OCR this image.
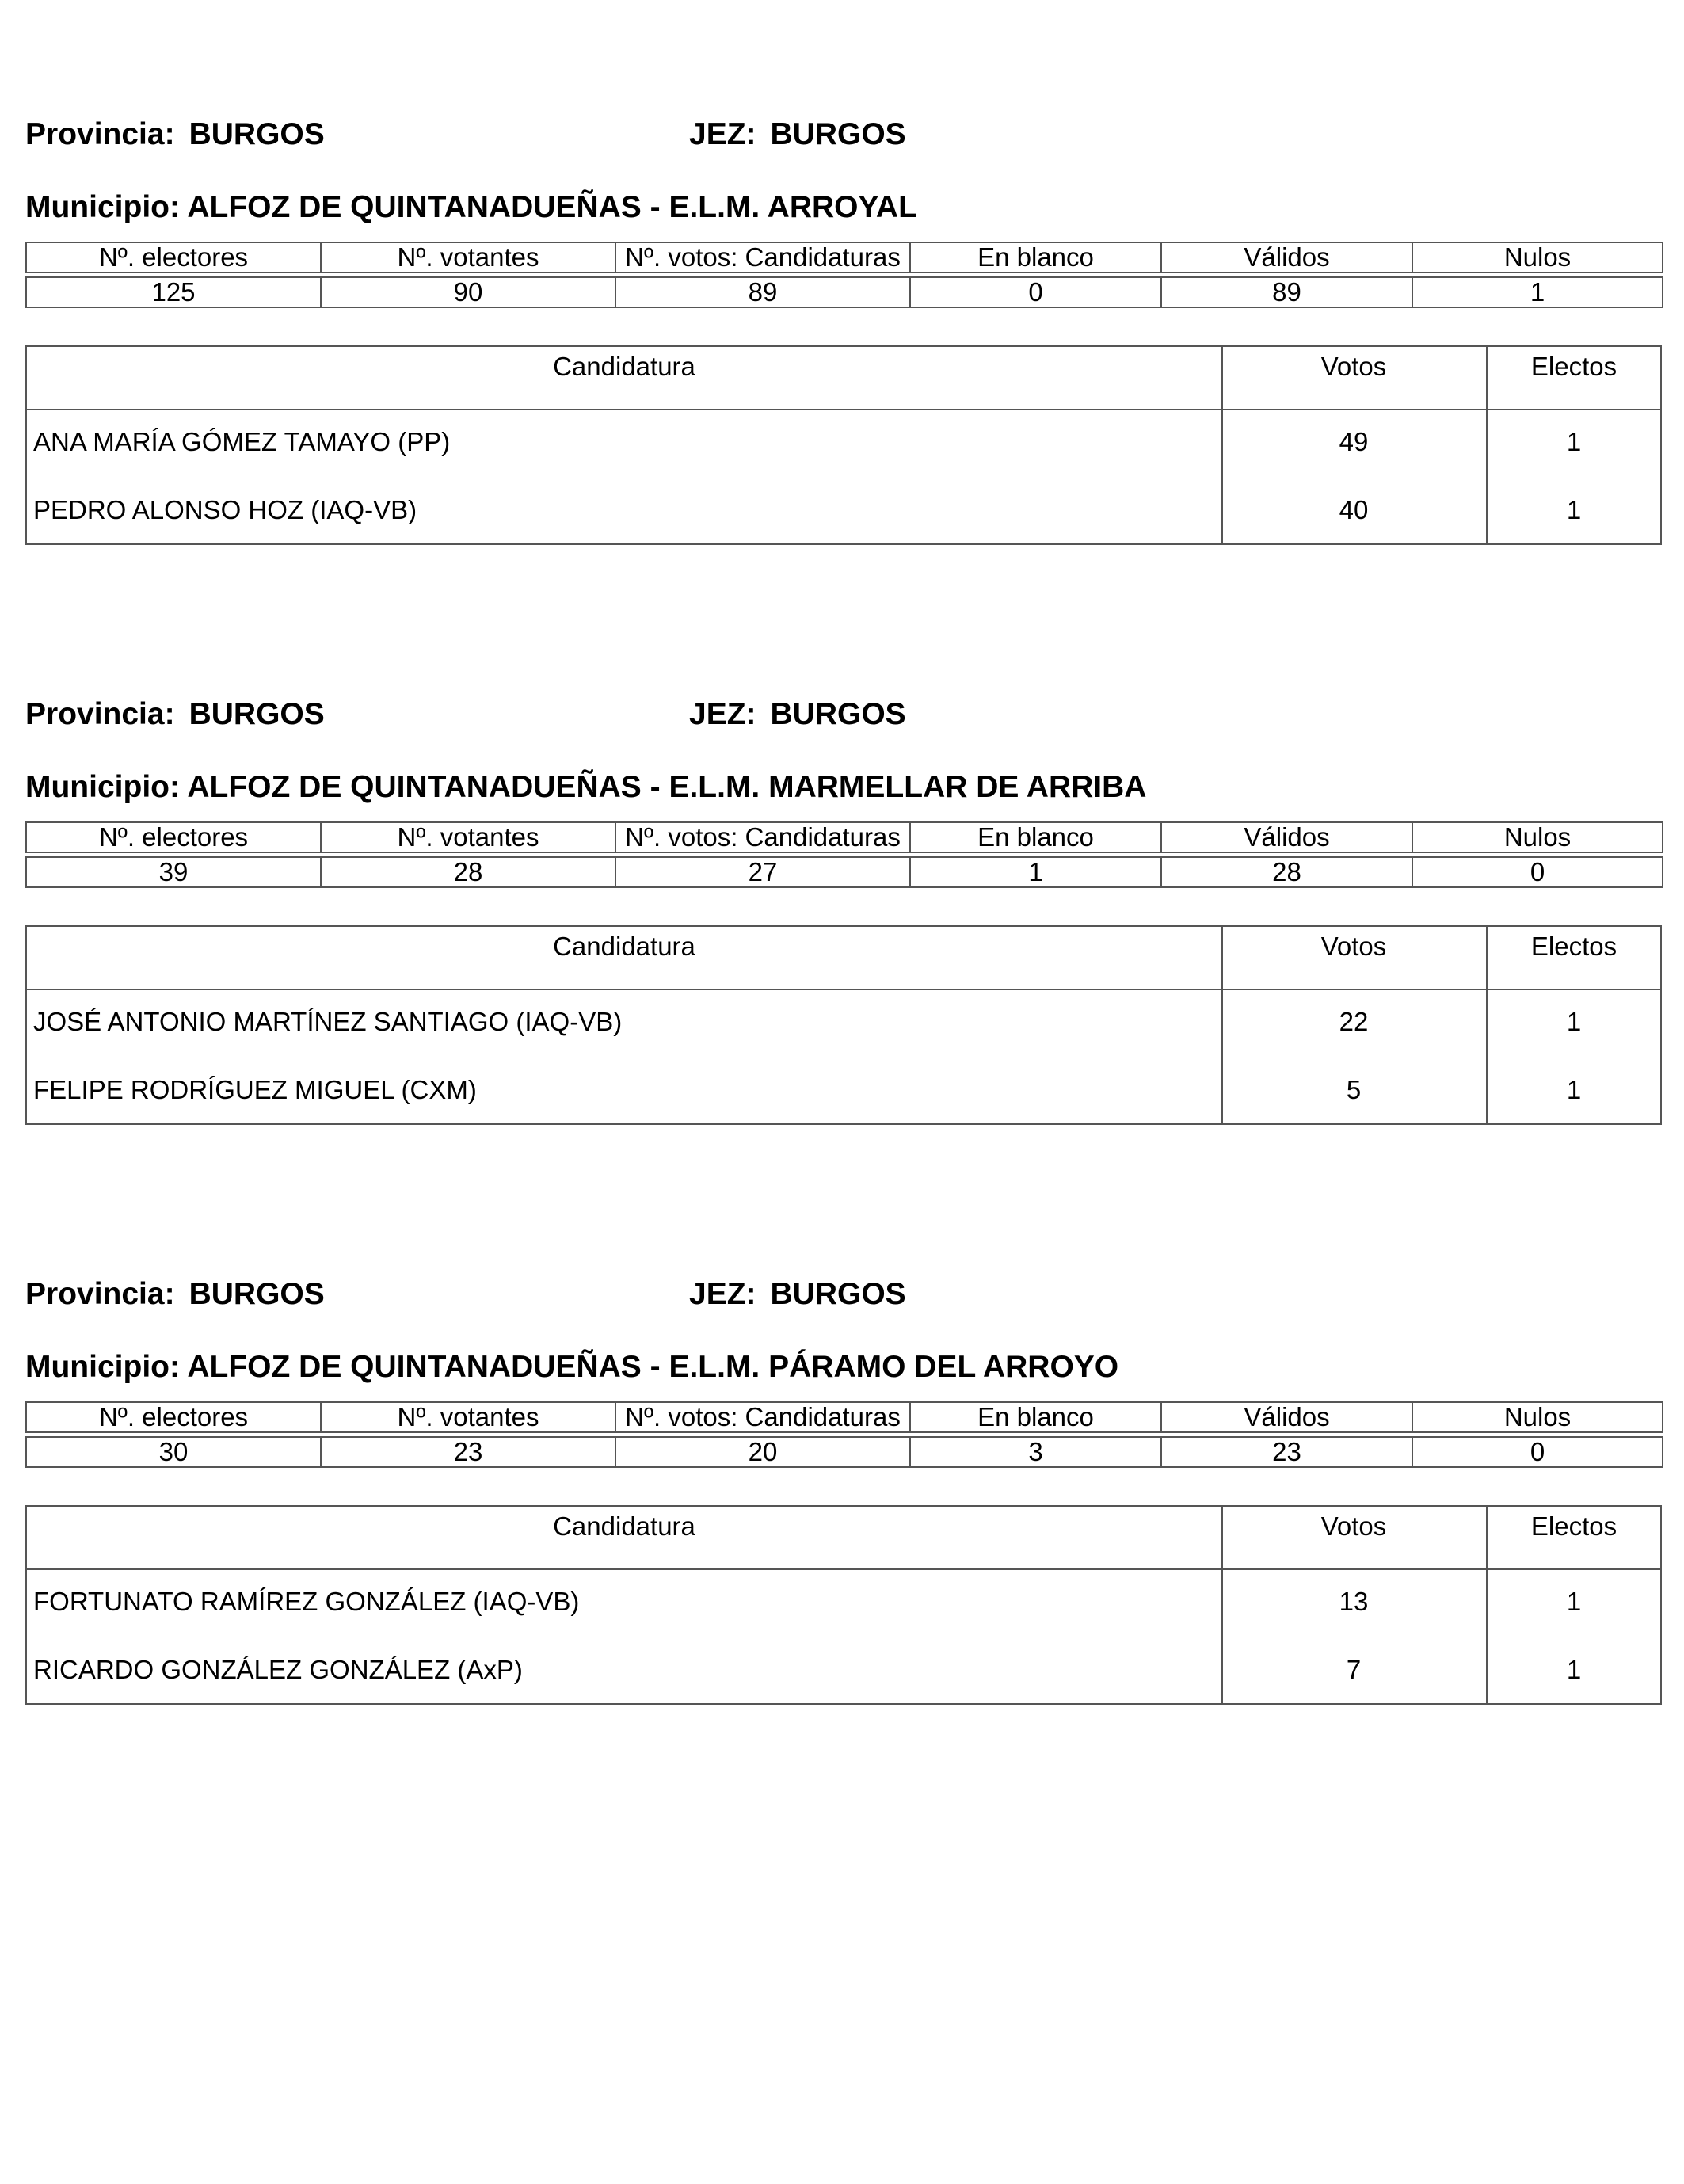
Provincia: BURGOS	JEZ: BURGOS
Municipio: ALFOZ DE QUINTANADUEÑAS - E.L.M. ARROYAL
Nº. electores	Nº. votantes	Nº. votos: Candidaturas	En blanco	Válidos	Nulos

125	90	89	0	89	1
Candidatura	Votos	Electos
ANA MARÍA GÓMEZ TAMAYO (PP)	49	1
PEDRO ALONSO HOZ (IAQ-VB)	40	1
Provincia: BURGOS	JEZ: BURGOS
Municipio: ALFOZ DE QUINTANADUEÑAS - E.L.M. MARMELLAR DE ARRIBA
Nº. electores	Nº. votantes	Nº. votos: Candidaturas	En blanco	Válidos	Nulos

39	28	27	1	28	0
Candidatura	Votos	Electos
JOSÉ ANTONIO MARTÍNEZ SANTIAGO (IAQ-VB)	22	1
FELIPE RODRÍGUEZ MIGUEL (CXM)	5	1
Provincia: BURGOS	JEZ: BURGOS
Municipio: ALFOZ DE QUINTANADUEÑAS - E.L.M. PÁRAMO DEL ARROYO
Nº. electores	Nº. votantes	Nº. votos: Candidaturas	En blanco	Válidos	Nulos

30	23	20	3	23	0
Candidatura	Votos	Electos
FORTUNATO RAMÍREZ GONZÁLEZ (IAQ-VB)	13	1
RICARDO GONZÁLEZ GONZÁLEZ (AxP)	7	1
